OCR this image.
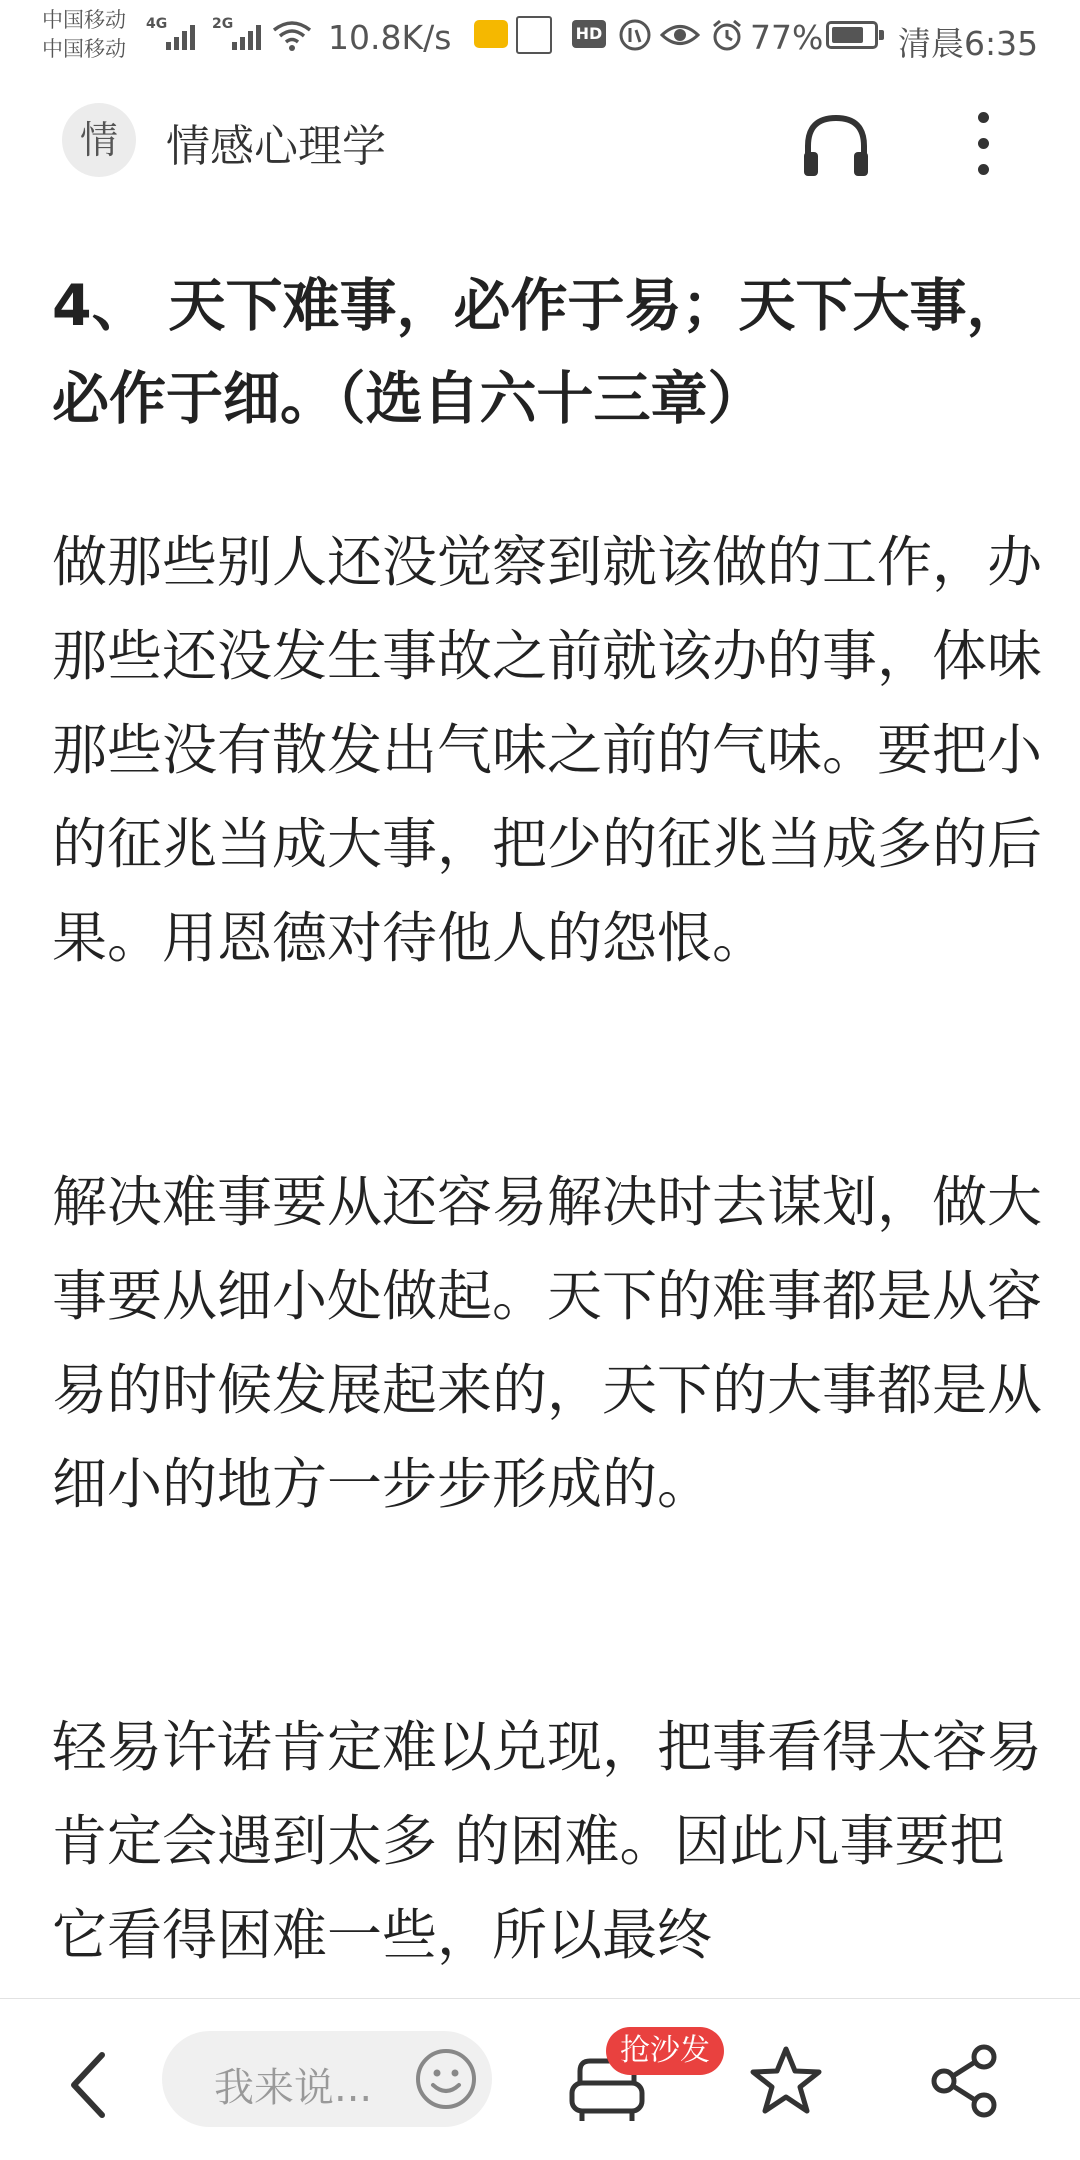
中国移动
中国移动
4G	2G	10.8K/s	HD	77% 清晨6:35
情	情感心理学

4、 天下难事，必作于易；天下大事，必作于细。（选自六十三章）

做那些别人还没觉察到就该做的工作，办那些还没发生事故之前就该办的事，体味那些没有散发出气味之前的气味。要把小的征兆当成大事，把少的征兆当成多的后果。用恩德对待他人的怨恨。

解决难事要从还容易解决时去谋划，做大事要从细小处做起。天下的难事都是从容易的时候发展起来的，天下的大事都是从细小的地方一步步形成的。

轻易许诺肯定难以兑现，把事看得太容易肯定会遇到太多 的困难。因此凡事要把它看得困难一些，所以最终

我来说...
抢沙发
